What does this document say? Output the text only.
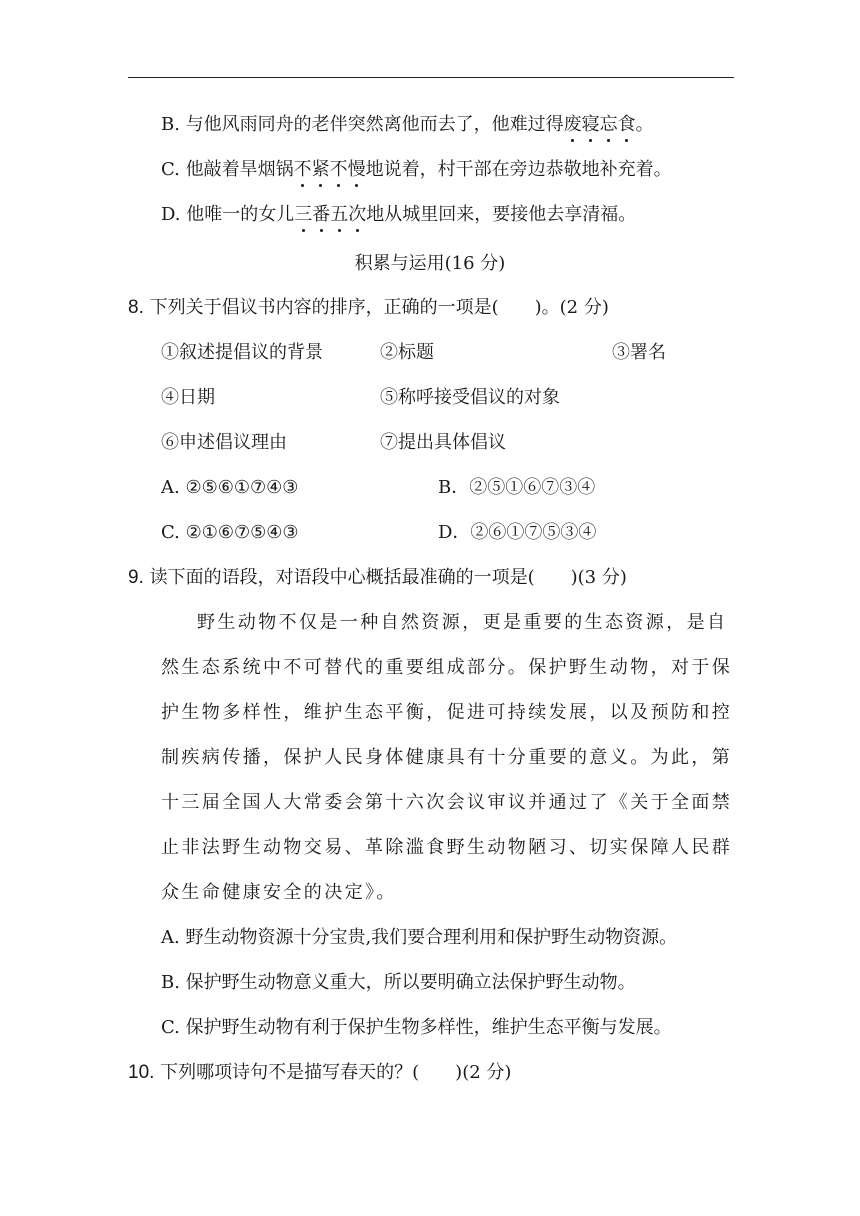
B. 与他风雨同舟的老伴突然离他而去了，他难过得废寝忘食。
C. 他敲着旱烟锅不紧不慢地说着，村干部在旁边恭敬地补充着。
D. 他唯一的女儿三番五次地从城里回来，要接他去享清福。
积累与运用(16 分)
8. 下列关于倡议书内容的排序，正确的一项是(　　)。(2 分)
①叙述提倡议的背景	②标题	③署名
④日期	⑤称呼接受倡议的对象
⑥申述倡议理由	⑦提出具体倡议
A. ②⑤⑥①⑦④③	B．②⑤①⑥⑦③④
C. ②①⑥⑦⑤④③	D．②⑥①⑦⑤③④
9. 读下面的语段，对语段中心概括最准确的一项是(　　)(3 分)
野生动物不仅是一种自然资源，更是重要的生态资源，是自
然生态系统中不可替代的重要组成部分。保护野生动物，对于保
护生物多样性，维护生态平衡，促进可持续发展，以及预防和控
制疾病传播，保护人民身体健康具有十分重要的意义。为此，第
十三届全国人大常委会第十六次会议审议并通过了《关于全面禁
止非法野生动物交易、革除滥食野生动物陋习、切实保障人民群
众生命健康安全的决定》。
A. 野生动物资源十分宝贵,我们要合理利用和保护野生动物资源。
B. 保护野生动物意义重大，所以要明确立法保护野生动物。
C. 保护野生动物有利于保护生物多样性，维护生态平衡与发展。
10. 下列哪项诗句不是描写春天的？(　　)(2 分)
